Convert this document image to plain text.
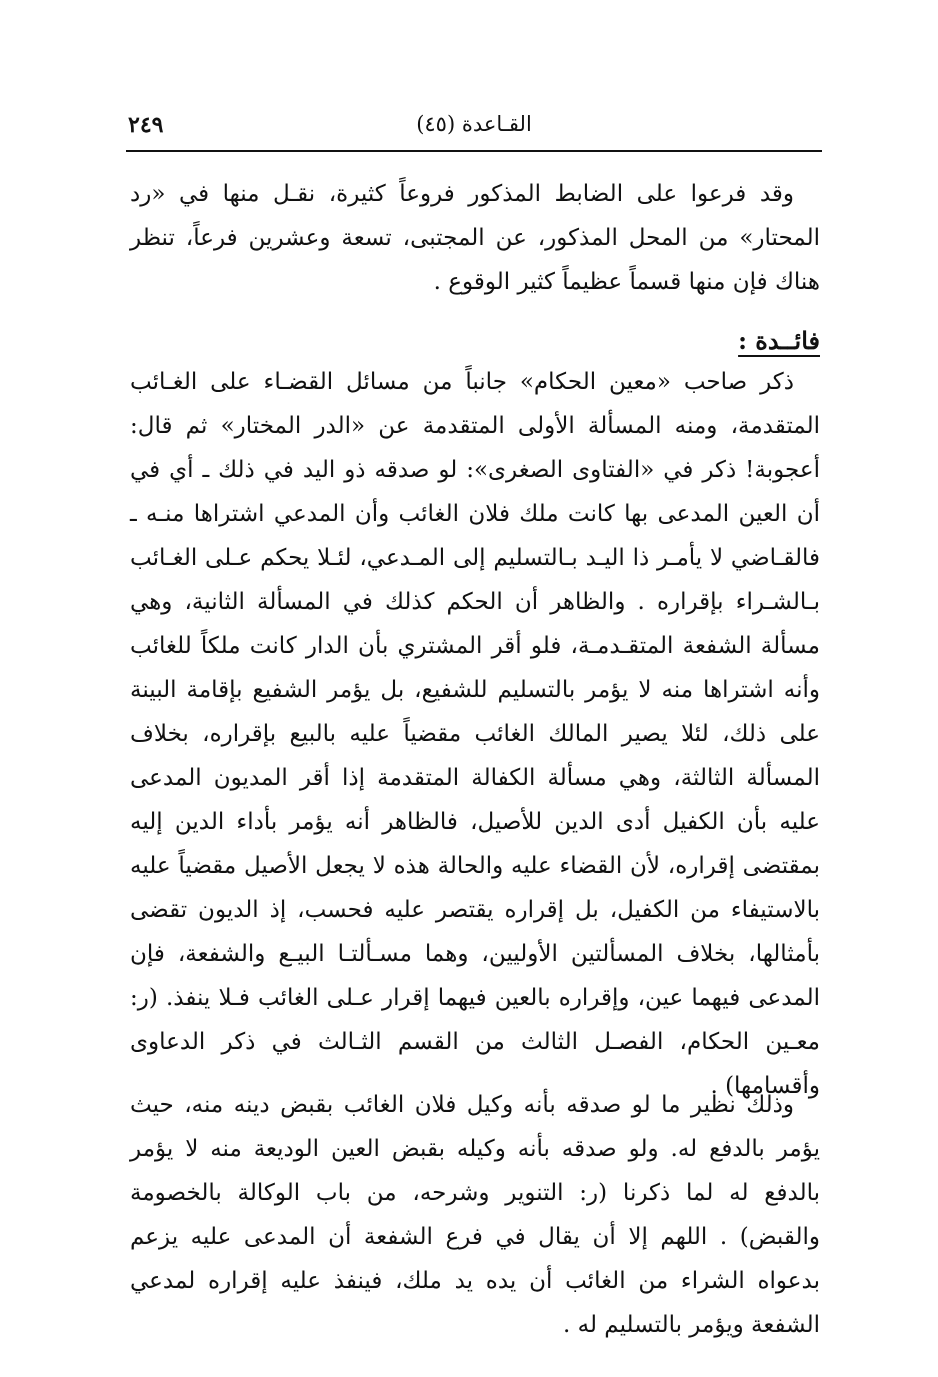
القـاعدة (٤٥)
٢٤٩

وقد فرعوا على الضابط المذكور فروعاً كثيرة، نقـل منها في «رد المحتار» من المحل المذكور، عن المجتبى، تسعة وعشرين فرعاً، تنظر هناك فإن منها قسماً عظيماً كثير الوقوع .

فائــدة :

ذكر صاحب «معين الحكام» جانباً من مسائل القضـاء على الغـائب المتقدمة، ومنه المسألة الأولى المتقدمة عن «الدر المختار» ثم قال: أعجوبة! ذكر في «الفتاوى الصغرى»: لو صدقه ذو اليد في ذلك ـ أي في أن العين المدعى بها كانت ملك فلان الغائب وأن المدعي اشتراها منـه ـ فالقـاضي لا يأمـر ذا اليـد بـالتسليم إلى المـدعي، لئـلا يحكم عـلى الغـائب بـالشـراء بإقراره . والظاهر أن الحكم كذلك في المسألة الثانية، وهي مسألة الشفعة المتقـدمـة، فلو أقر المشتري بأن الدار كانت ملكاً للغائب وأنه اشتراها منه لا يؤمر بالتسليم للشفيع، بل يؤمر الشفيع بإقامة البينة على ذلك، لئلا يصير المالك الغائب مقضياً عليه بالبيع بإقراره، بخلاف المسألة الثالثة، وهي مسألة الكفالة المتقدمة إذا أقر المديون المدعى عليه بأن الكفيل أدى الدين للأصيل، فالظاهر أنه يؤمر بأداء الدين إليه بمقتضى إقراره، لأن القضاء عليه والحالة هذه لا يجعل الأصيل مقضياً عليه بالاستيفاء من الكفيل، بل إقراره يقتصر عليه فحسب، إذ الديون تقضى بأمثالها، بخلاف المسألتين الأوليين، وهما مسـألتـا البيـع والشفعة، فإن المدعى فيهما عين، وإقراره بالعين فيهما إقرار عـلى الغائب فـلا ينفذ. (ر: معـين الحكام، الفصـل الثالث من القسم الثـالث في ذكر الدعاوى وأقسامها) .

وذلك نظير ما لو صدقه بأنه وكيل فلان الغائب بقبض دينه منه، حيث يؤمر بالدفع له. ولو صدقه بأنه وكيله بقبض العين الوديعة منه لا يؤمر بالدفع له لما ذكرنا (ر: التنوير وشرحه، من باب الوكالة بالخصومة والقبض) . اللهم إلا أن يقال في فرع الشفعة أن المدعى عليه يزعم بدعواه الشراء من الغائب أن يده يد ملك، فينفذ عليه إقراره لمدعي الشفعة ويؤمر بالتسليم له .
